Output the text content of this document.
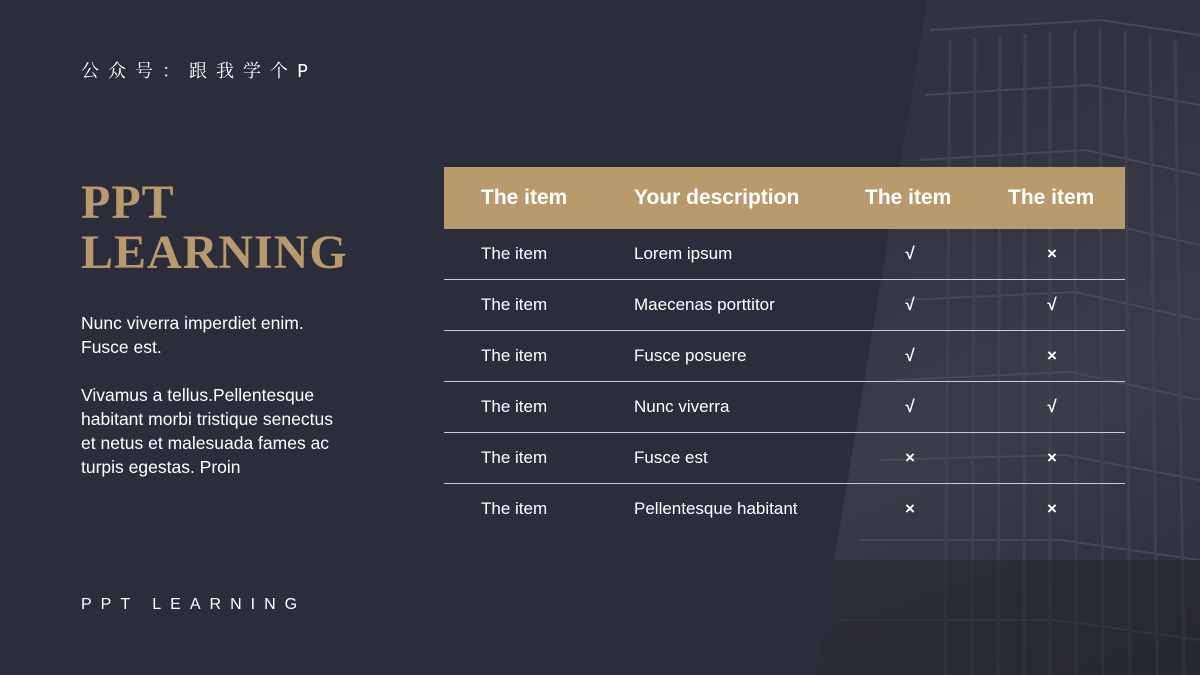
公众号：跟我学个P
PPT
LEARNING
Nunc viverra imperdiet enim. Fusce est.
Vivamus a tellus.Pellentesque habitant morbi tristique senectus et netus et malesuada fames ac turpis egestas. Proin
PPT LEARNING
The item	Your description	The item	The item
The item	Lorem ipsum	√	×
The item	Maecenas porttitor	√	√
The item	Fusce posuere	√	×
The item	Nunc viverra	√	√
The item	Fusce est	×	×
The item	Pellentesque habitant	×	×
